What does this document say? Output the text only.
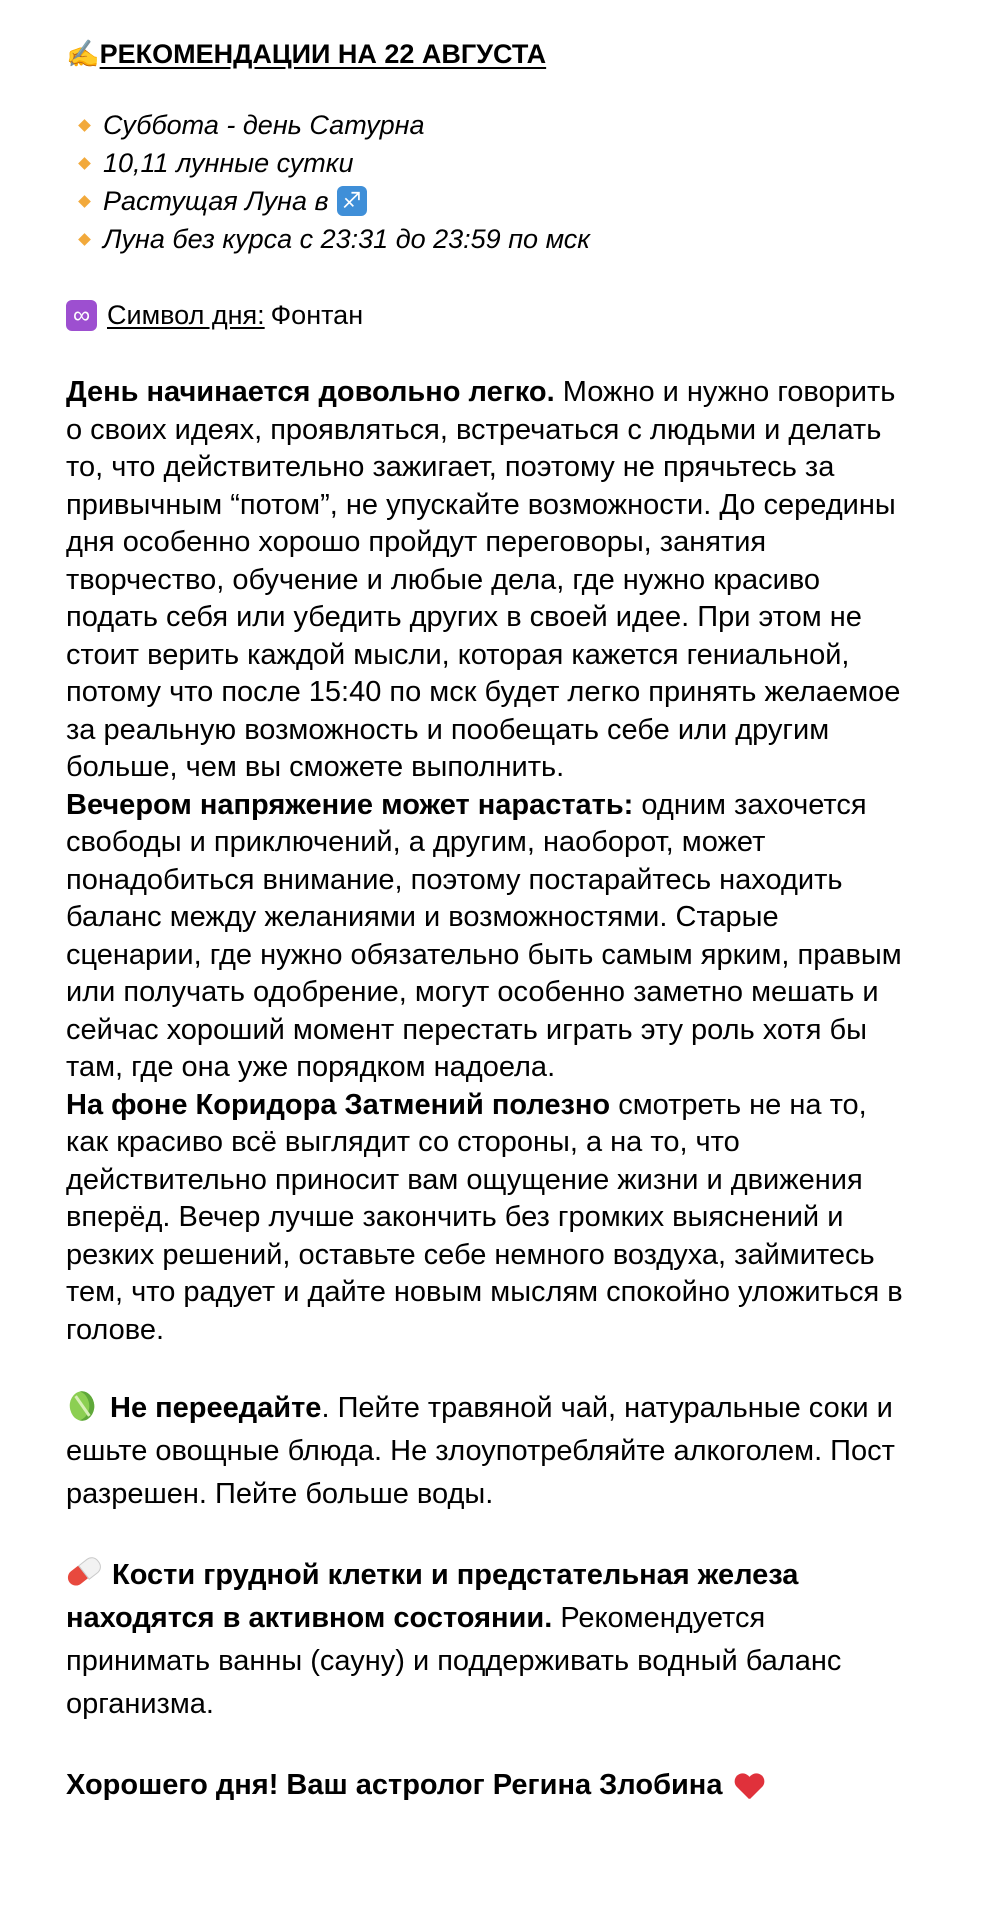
✍️РЕКОМЕНДАЦИИ НА 22 АВГУСТА
Суббота - день Сатурна
10,11 лунные сутки
Растущая Луна в ♐
Луна без курса с 23:31 до 23:59 по мск
∞ Символ дня: Фонтан

День начинается довольно легко. Можно и нужно говорить о своих идеях, проявляться, встречаться с людьми и делать то, что действительно зажигает, поэтому не прячьтесь за привычным “потом”, не упускайте возможности. До середины дня особенно хорошо пройдут переговоры, занятия творчество, обучение и любые дела, где нужно красиво подать себя или убедить других в своей идее. При этом не стоит верить каждой мысли, которая кажется гениальной, потому что после 15:40 по мск будет легко принять желаемое за реальную возможность и пообещать себе или другим больше, чем вы сможете выполнить.

Вечером напряжение может нарастать: одним захочется свободы и приключений, а другим, наоборот, может понадобиться внимание, поэтому постарайтесь находить баланс между желаниями и возможностями. Старые сценарии, где нужно обязательно быть самым ярким, правым или получать одобрение, могут особенно заметно мешать и сейчас хороший момент перестать играть эту роль хотя бы там, где она уже порядком надоела.

На фоне Коридора Затмений полезно смотреть не на то, как красиво всё выглядит со стороны, а на то, что действительно приносит вам ощущение жизни и движения вперёд. Вечер лучше закончить без громких выяснений и резких решений, оставьте себе немного воздуха, займитесь тем, что радует и дайте новым мыслям спокойно уложиться в голове.

Не переедайте. Пейте травяной чай, натуральные соки и ешьте овощные блюда. Не злоупотребляйте алкоголем. Пост разрешен. Пейте больше воды.
Кости грудной клетки и предстательная железа находятся в активном состоянии. Рекомендуется принимать ванны (сауну) и поддерживать водный баланс организма.
Хорошего дня! Ваш астролог Регина Злобина
